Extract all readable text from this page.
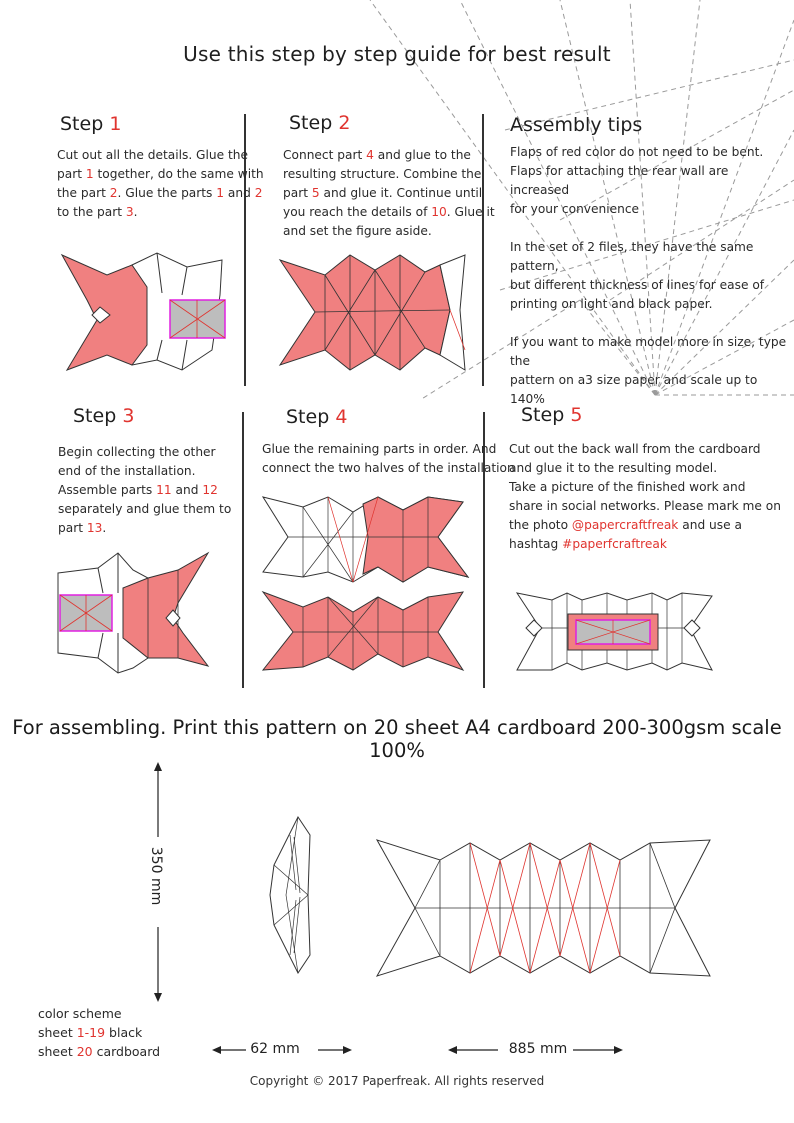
Use this step by step guide for best result
Step 1	Step 2	Assembly tips
Step 3	Step 4	Step 5
Cut out all the details. Glue the
part 1 together, do the same with
the part 2. Glue the parts 1 and 2
to the part 3.
Connect part 4 and glue to the
resulting structure. Combine the
part 5 and glue it. Continue until
you reach the details of 10. Glue it
and set the figure aside.
Begin collecting the other
end of the installation.
Assemble parts 11 and 12
separately and glue them to
part 13.
Glue the remaining parts in order. And
connect the two halves of the installation
Cut out the back wall from the cardboard
and glue it to the resulting model.
Take a picture of the finished work and
share in social networks. Please mark me on
the photo @papercraftfreak and use a
hashtag #paperfcraftreak
Flaps of red color do not need to be bent.
Flaps for attaching the rear wall are increased
for your convenience
In the set of 2 files, they have the same pattern,
but different thickness of lines for ease of
printing on light and black paper.
If you want to make model more in size, type the
pattern on a3 size paper and scale up to 140%
For assembling. Print this pattern on 20 sheet A4 cardboard 200-300gsm scale 100%
350 mm
62 mm	885 mm
color scheme
sheet 1-19 black
sheet 20 cardboard
Copyright © 2017 Paperfreak. All rights reserved
